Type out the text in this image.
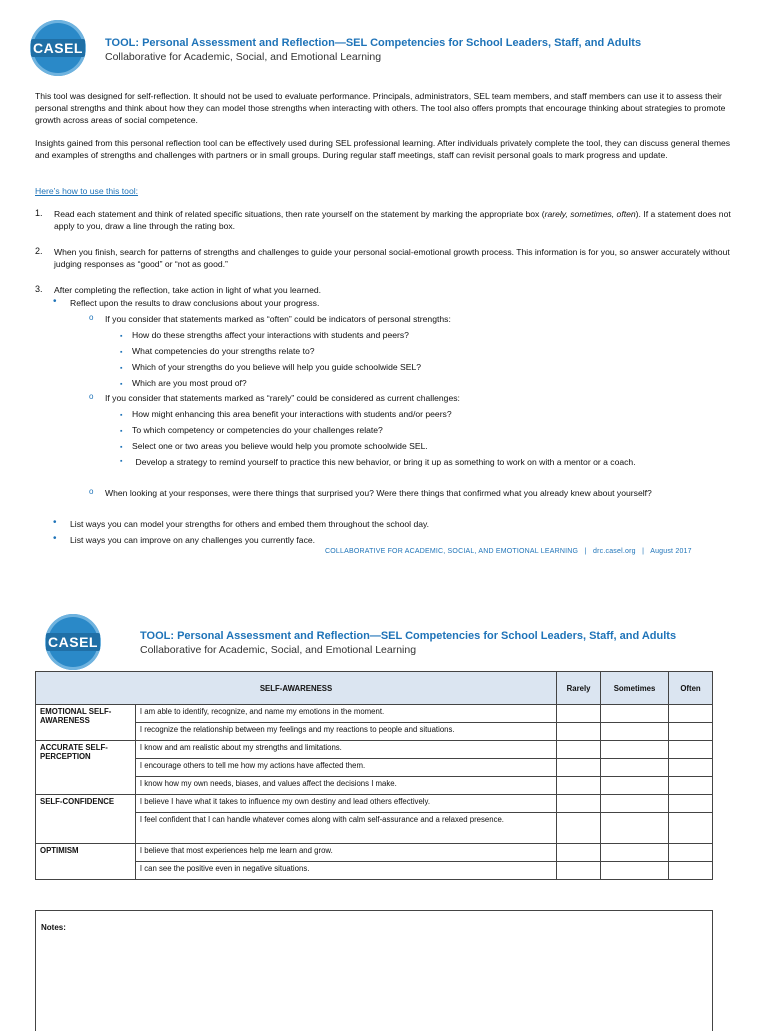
CASEL TOOL: Personal Assessment and Reflection—SEL Competencies for School Leaders, Staff, and Adults
Collaborative for Academic, Social, and Emotional Learning

This tool was designed for self-reflection. It should not be used to evaluate performance. Principals, administrators, SEL team members, and staff members can use it to assess their personal strengths and think about how they can model those strengths when interacting with others. The tool also offers prompts that encourage thinking about strategies to promote growth across areas of social competence.

Insights gained from this personal reflection tool can be effectively used during SEL professional learning. After individuals privately complete the tool, they can discuss general themes and examples of strengths and challenges with partners or in small groups. During regular staff meetings, staff can revisit personal goals to mark progress and update.

Here’s how to use this tool:
1. Read each statement and think of related specific situations, then rate yourself on the statement by marking the appropriate box (rarely, sometimes, often). If a statement does not apply to you, draw a line through the rating box.
2. When you finish, search for patterns of strengths and challenges to guide your personal social-emotional growth process. This information is for you, so answer accurately without judging responses as “good” or “not as good.”
3. After completing the reflection, take action in light of what you learned.
• Reflect upon the results to draw conclusions about your progress.
o If you consider that statements marked as “often” could be indicators of personal strengths:
▪ How do these strengths affect your interactions with students and peers?
▪ What competencies do your strengths relate to?
▪ Which of your strengths do you believe will help you guide schoolwide SEL?
▪ Which are you most proud of?
o If you consider that statements marked as “rarely” could be considered as current challenges:
▪ How might enhancing this area benefit your interactions with students and/or peers?
▪ To which competency or competencies do your challenges relate?
▪ Select one or two areas you believe would help you promote schoolwide SEL.
▪ Develop a strategy to remind yourself to practice this new behavior, or bring it up as something to work on with a mentor or a coach.
o When looking at your responses, were there things that surprised you? Were there things that confirmed what you already knew about yourself?
• List ways you can model your strengths for others and embed them throughout the school day.
• List ways you can improve on any challenges you currently face.
COLLABORATIVE FOR ACADEMIC, SOCIAL, AND EMOTIONAL LEARNING   |   drc.casel.org   |   August 2017
CASEL	TOOL: Personal Assessment and Reflection—SEL Competencies for School Leaders, Staff, and Adults
Collaborative for Academic, Social, and Emotional Learning
SELF-AWARENESS		Rarely	Sometimes	Often
EMOTIONAL SELF-AWARENESS	I am able to identify, recognize, and name my emotions in the moment.			
	I recognize the relationship between my feelings and my reactions to people and situations.			
ACCURATE SELF-PERCEPTION	I know and am realistic about my strengths and limitations.			
	I encourage others to tell me how my actions have affected them.			
	I know how my own needs, biases, and values affect the decisions I make.			
SELF-CONFIDENCE	I believe I have what it takes to influence my own destiny and lead others effectively.			
	I feel confident that I can handle whatever comes along with calm self-assurance and a relaxed presence.			
OPTIMISM	I believe that most experiences help me learn and grow.			
	I can see the positive even in negative situations.			
Notes:
